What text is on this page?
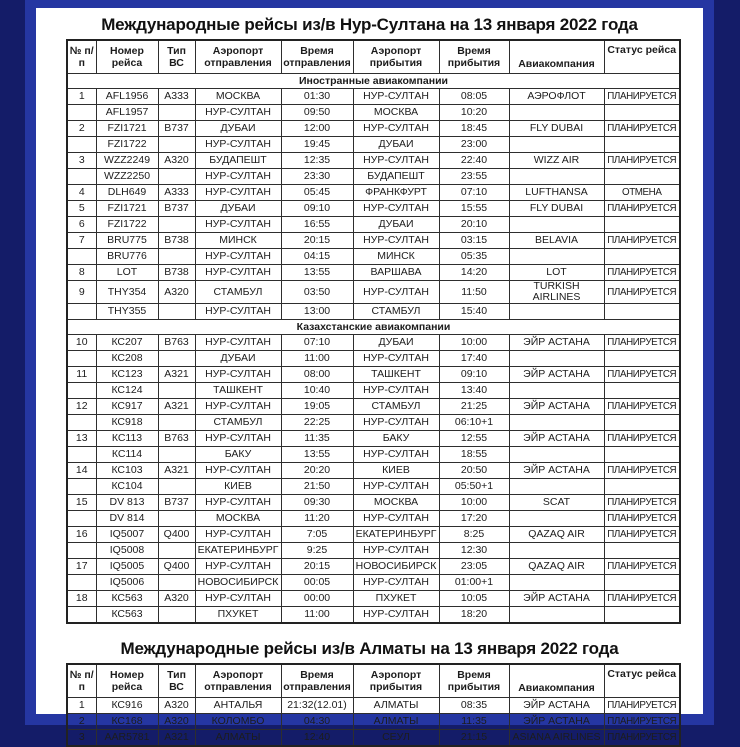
Международные рейсы из/в Нур-Султана на 13 января 2022 года
№ п/п	Номер рейса	Тип ВС	Аэропорт отправления	Время отправления	Аэропорт прибытия	Время прибытия	Авиакомпания	Статус рейса
Иностранные авиакомпании								
1	AFL1956	A333	МОСКВА	01:30	НУР-СУЛТАН	08:05	АЭРОФЛОТ	ПЛАНИРУЕТСЯ
	AFL1957		НУР-СУЛТАН	09:50	МОСКВА	10:20		
2	FZI1721	B737	ДУБАИ	12:00	НУР-СУЛТАН	18:45	FLY DUBAI	ПЛАНИРУЕТСЯ
	FZI1722		НУР-СУЛТАН	19:45	ДУБАИ	23:00		
3	WZZ2249	A320	БУДАПЕШТ	12:35	НУР-СУЛТАН	22:40	WIZZ AIR	ПЛАНИРУЕТСЯ
	WZZ2250		НУР-СУЛТАН	23:30	БУДАПЕШТ	23:55		
4	DLH649	A333	НУР-СУЛТАН	05:45	ФРАНКФУРТ	07:10	LUFTHANSA	ОТМЕНА
5	FZI1721	B737	ДУБАИ	09:10	НУР-СУЛТАН	15:55	FLY DUBAI	ПЛАНИРУЕТСЯ
6	FZI1722		НУР-СУЛТАН	16:55	ДУБАИ	20:10		
7	BRU775	B738	МИНСК	20:15	НУР-СУЛТАН	03:15	BELAVIA	ПЛАНИРУЕТСЯ
	BRU776		НУР-СУЛТАН	04:15	МИНСК	05:35		
8	LOT	B738	НУР-СУЛТАН	13:55	ВАРШАВА	14:20	LOT	ПЛАНИРУЕТСЯ
9	THY354	A320	СТАМБУЛ	03:50	НУР-СУЛТАН	11:50	TURKISH AIRLINES	ПЛАНИРУЕТСЯ
	THY355		НУР-СУЛТАН	13:00	СТАМБУЛ	15:40		
Казахстанские авиакомпании								
10	КС207	B763	НУР-СУЛТАН	07:10	ДУБАИ	10:00	ЭЙР АСТАНА	ПЛАНИРУЕТСЯ
	КС208		ДУБАИ	11:00	НУР-СУЛТАН	17:40		
11	КС123	A321	НУР-СУЛТАН	08:00	ТАШКЕНТ	09:10	ЭЙР АСТАНА	ПЛАНИРУЕТСЯ
	КС124		ТАШКЕНТ	10:40	НУР-СУЛТАН	13:40		
12	КС917	A321	НУР-СУЛТАН	19:05	СТАМБУЛ	21:25	ЭЙР АСТАНА	ПЛАНИРУЕТСЯ
	КС918		СТАМБУЛ	22:25	НУР-СУЛТАН	06:10+1		
13	КС113	B763	НУР-СУЛТАН	11:35	БАКУ	12:55	ЭЙР АСТАНА	ПЛАНИРУЕТСЯ
	КС114		БАКУ	13:55	НУР-СУЛТАН	18:55		
14	КС103	A321	НУР-СУЛТАН	20:20	КИЕВ	20:50	ЭЙР АСТАНА	ПЛАНИРУЕТСЯ
	КС104		КИЕВ	21:50	НУР-СУЛТАН	05:50+1		
15	DV 813	B737	НУР-СУЛТАН	09:30	МОСКВА	10:00	SCAT	ПЛАНИРУЕТСЯ
	DV 814		МОСКВА	11:20	НУР-СУЛТАН	17:20		ПЛАНИРУЕТСЯ
16	IQ5007	Q400	НУР-СУЛТАН	7:05	ЕКАТЕРИНБУРГ	8:25	QAZAQ AIR	ПЛАНИРУЕТСЯ
	IQ5008		ЕКАТЕРИНБУРГ	9:25	НУР-СУЛТАН	12:30		
17	IQ5005	Q400	НУР-СУЛТАН	20:15	НОВОСИБИРСК	23:05	QAZAQ AIR	ПЛАНИРУЕТСЯ
	IQ5006		НОВОСИБИРСК	00:05	НУР-СУЛТАН	01:00+1		
18	КС563	A320	НУР-СУЛТАН	00:00	ПХУКЕТ	10:05	ЭЙР АСТАНА	ПЛАНИРУЕТСЯ
	КС563		ПХУКЕТ	11:00	НУР-СУЛТАН	18:20		
Международные рейсы из/в Алматы на 13 января 2022 года
№ п/п	Номер рейса	Тип ВС	Аэропорт отправления	Время отправления	Аэропорт прибытия	Время прибытия	Авиакомпания	Статус рейса
1	КС916	A320	АНТАЛЬЯ	21:32(12.01)	АЛМАТЫ	08:35	ЭЙР АСТАНА	ПЛАНИРУЕТСЯ
2	КС168	A320	КОЛОМБО	04:30	АЛМАТЫ	11:35	ЭЙР АСТАНА	ПЛАНИРУЕТСЯ
3	AAR5781	A321	АЛМАТЫ	12:40	СЕУЛ	21:15	ASIANA AIRLINES	ПЛАНИРУЕТСЯ
